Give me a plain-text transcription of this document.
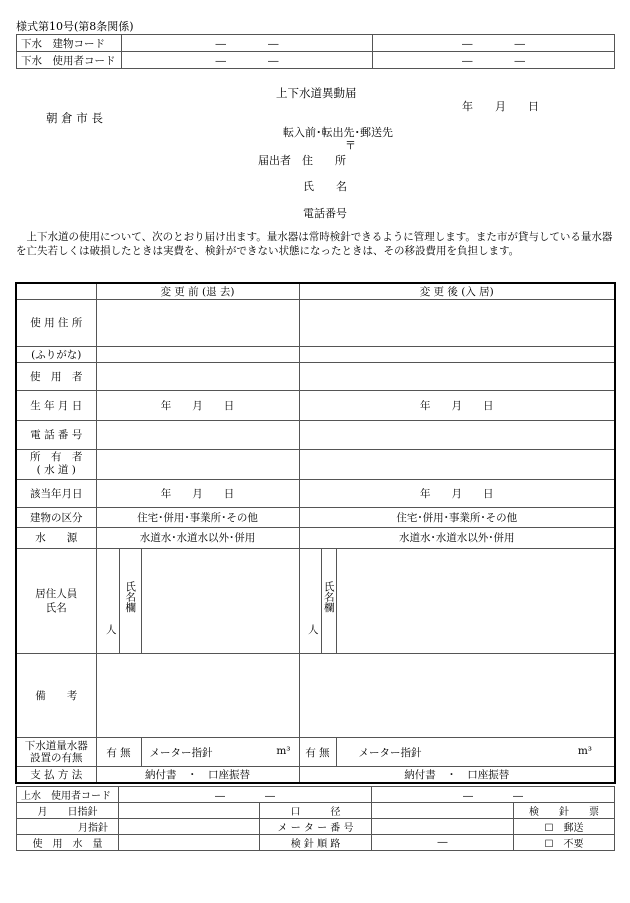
様式第10号(第8条関係)
下水　建物コード	―　　　　―	―　　　　―
下水　使用者コード	―　　　　―	―　　　　―
上下水道異動届
年　　月　　日
朝 倉 市 長
転入前･転出先･郵送先
〒
届出者　住　　所
氏　　名
電話番号
上下水道の使用について、次のとおり届け出ます。量水器は常時検針できるように管理します。また市が貸与している量水器を亡失若しくは破損したときは実費を、検針ができない状態になったときは、その移設費用を負担します。
	変 更 前 (退 去)			変 更 後 (入 居)		
使 用 住 所						
(ふりがな)						
使　用　者						
生 年 月 日	年　　月　　日			年　　月　　日		
電 話 番 号						

所　有　者
( 水 道 )						

該当年月日	年　　月　　日			年　　月　　日		
建物の区分	住宅･併用･事業所･その他			住宅･併用･事業所･その他		
水　　源	水道水･水道水以外･併用			水道水･水道水以外･併用		
居住人員
氏名	人	氏名欄		人	氏名欄	
備　　考						
下水道量水器
設置の有無	有 無		メーター指針 m³	有 無		メーター指針 m³

支 払 方 法	納付書　・　口座振替			納付書　・　口座振替		
上水　使用者コード	―　　　　―		―　　　　―	
月　　日指針		口　　　径		検　　針　　票
月指針		メ ー タ ー 番 号		☐　郵送
使　用　水　量		検 針 順 路	―	☐　不要
